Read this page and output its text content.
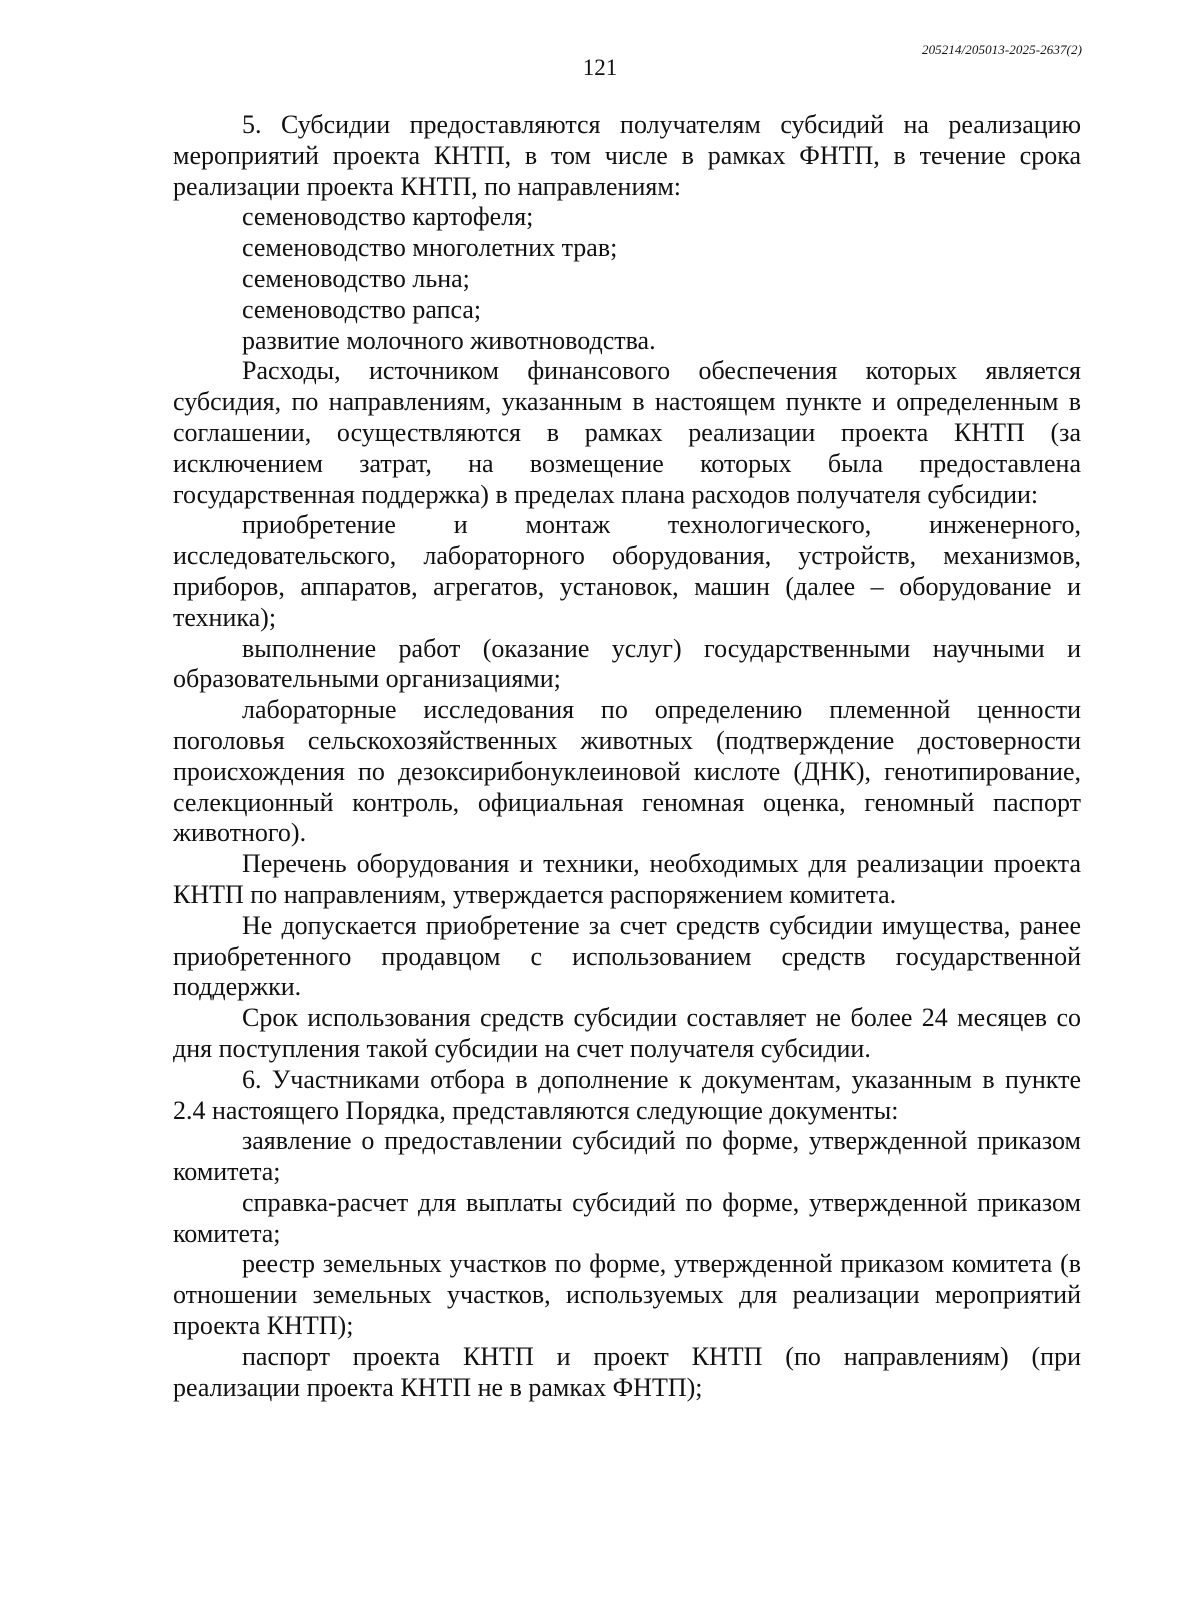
121
205214/205013-2025-2637(2)

5. Субсидии предоставляются получателям субсидий на реализацию мероприятий проекта КНТП, в том числе в рамках ФНТП, в течение срока реализации проекта КНТП, по направлениям:

семеноводство картофеля;

семеноводство многолетних трав;

семеноводство льна;

семеноводство рапса;

развитие молочного животноводства.

Расходы, источником финансового обеспечения которых является субсидия, по направлениям, указанным в настоящем пункте и определенным в соглашении, осуществляются в рамках реализации проекта КНТП (за исключением затрат, на возмещение которых была предоставлена государственная поддержка) в пределах плана расходов получателя субсидии:

приобретение и монтаж технологического, инженерного, исследовательского, лабораторного оборудования, устройств, механизмов, приборов, аппаратов, агрегатов, установок, машин (далее – оборудование и техника);

выполнение работ (оказание услуг) государственными научными и образовательными организациями;

лабораторные исследования по определению племенной ценности поголовья сельскохозяйственных животных (подтверждение достоверности происхождения по дезоксирибонуклеиновой кислоте (ДНК), генотипирование, селекционный контроль, официальная геномная оценка, геномный паспорт животного).

Перечень оборудования и техники, необходимых для реализации проекта КНТП по направлениям, утверждается распоряжением комитета.

Не допускается приобретение за счет средств субсидии имущества, ранее приобретенного продавцом с использованием средств государственной поддержки.

Срок использования средств субсидии составляет не более 24 месяцев со дня поступления такой субсидии на счет получателя субсидии.

6. Участниками отбора в дополнение к документам, указанным в пункте 2.4 настоящего Порядка, представляются следующие документы:

заявление о предоставлении субсидий по форме, утвержденной приказом комитета;

справка-расчет для выплаты субсидий по форме, утвержденной приказом комитета;

реестр земельных участков по форме, утвержденной приказом комитета (в отношении земельных участков, используемых для реализации мероприятий проекта КНТП);

паспорт проекта КНТП и проект КНТП (по направлениям) (при реализации проекта КНТП не в рамках ФНТП);
